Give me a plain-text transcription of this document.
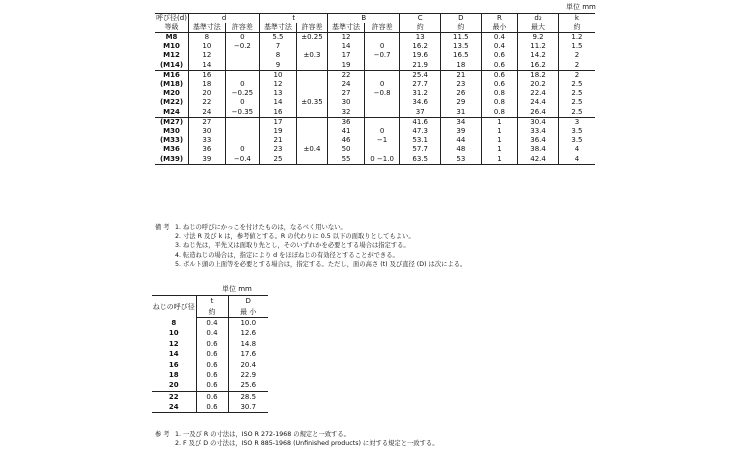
単位 mm
呼び径(d)	d		t		B		C	D	R	d₂	k
等級	基準寸法	許容差	基準寸法	許容差	基準寸法	許容差	約	約	最小	最大	約
M8	8	0	5.5	±0.25	12		13	11.5	0.4	9.2	1.2
M10	10	−0.2	7		14	0	16.2	13.5	0.4	11.2	1.5
M12	12		8	±0.3	17	−0.7	19.6	16.5	0.6	14.2	2
(M14)	14		9		19		21.9	18	0.6	16.2	2
M16	16		10		22		25.4	21	0.6	18.2	2
(M18)	18	0	12		24	0	27.7	23	0.6	20.2	2.5
M20	20	−0.25	13		27	−0.8	31.2	26	0.8	22.4	2.5
(M22)	22	0	14	±0.35	30		34.6	29	0.8	24.4	2.5
M24	24	−0.35	16		32		37	31	0.8	26.4	2.5
(M27)	27		17		36		41.6	34	1	30.4	3
M30	30		19		41	0	47.3	39	1	33.4	3.5
(M33)	33		21		46	−1	53.1	44	1	36.4	3.5
M36	36	0	23	±0.4	50		57.7	48	1	38.4	4
(M39)	39	−0.4	25		55	0 −1.0	63.5	53	1	42.4	4
備 考 1. ねじの呼びにかっこを付けたものは，なるべく用いない。
2. 寸法 R 及び k は，参考値とする。R の代わりに 0.5 以下の面取りとしてもよい。
3. ねじ先は，平先又は面取り先とし，そのいずれかを必要とする場合は指定する。
4. 転造ねじの場合は，指定により d をほぼねじの有効径とすることができる。
5. ボルト頭の上面等を必要とする場合は，指定する。ただし，面の高さ (t) 及び直径 (D) は次による。
単位 mm
ねじの呼び径	t	D
	約	最 小
8	0.4	10.0
10	0.4	12.6
12	0.6	14.8
14	0.6	17.6
16	0.6	20.4
18	0.6	22.9
20	0.6	25.6
22	0.6	28.5
24	0.6	30.7
参 考 1. 一及び R の寸法は，ISO R 272-1968 の規定と一致する。
2. F 及び D の寸法は，ISO R 885-1968 (Unfinished products) に対する規定と一致する。
